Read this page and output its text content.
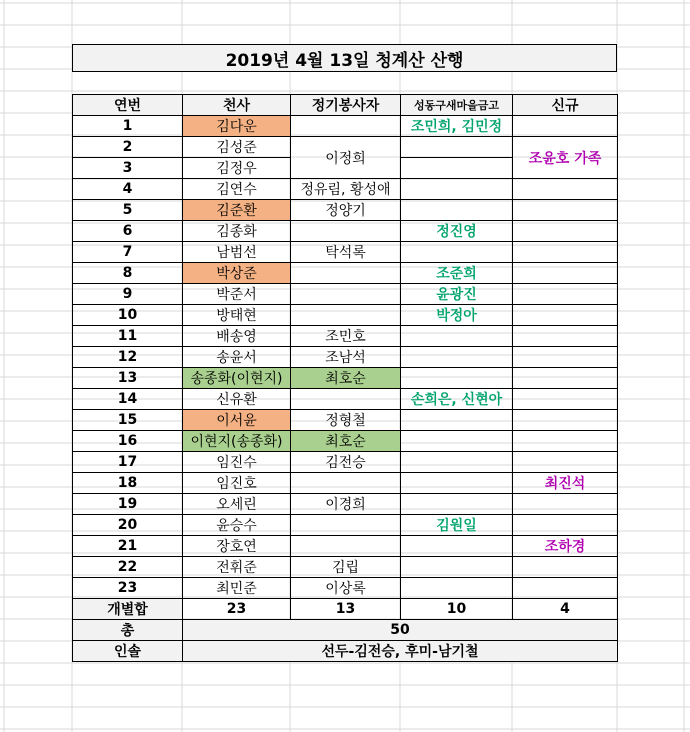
2019년 4월 13일 청계산 산행
연번	천사	정기봉사자	성동구새마을금고	신규
1	김다운		조민희, 김민정	
2	김성준	이정희		조윤호 가족
3	김정우			
4	김연수	정유림, 황성애		
5	김준환	정양기		
6	김종화		정진영	
7	남범선	탁석록		
8	박상준		조준희	
9	박준서		윤광진	
10	방태현		박정아	
11	배송영	조민호		
12	송윤서	조남석		
13	송종화(이현지)	최호순		
14	신유환		손희은, 신현아	
15	이서윤	정형철		
16	이현지(송종화)	최호순		
17	임진수	김전승		
18	임진호			최진석
19	오세린	이경희		
20	윤승수		김원일	
21	장호연			조하경
22	전휘준	김립		
23	최민준	이상록		
개별합	23	13	10	4
총	50			
인솔	선두-김전승, 후미-남기철			
